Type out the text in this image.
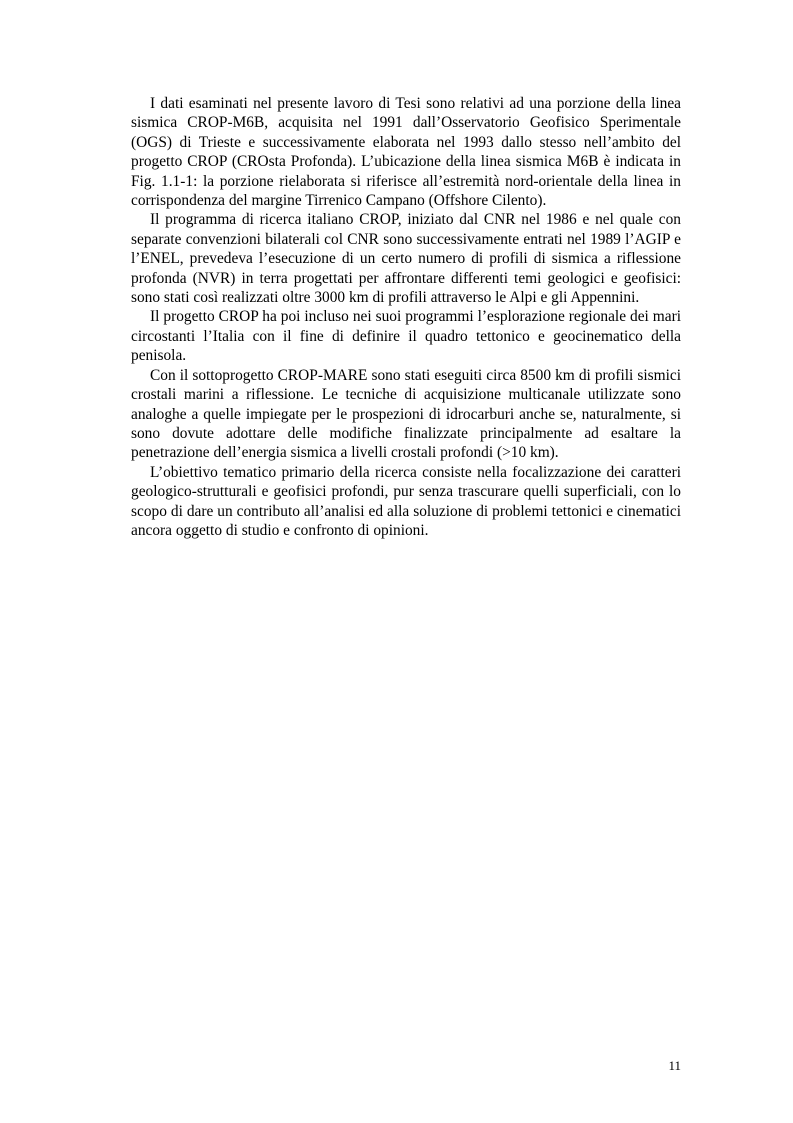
I dati esaminati nel presente lavoro di Tesi sono relativi ad una porzione della linea sismica CROP-M6B, acquisita nel 1991 dall’Osservatorio Geofisico Sperimentale (OGS) di Trieste e successivamente elaborata nel 1993 dallo stesso nell’ambito del progetto CROP (CROsta Profonda). L’ubicazione della linea sismica M6B è indicata in Fig. 1.1-1: la porzione rielaborata si riferisce all’estremità nord-orientale della linea in corrispondenza del margine Tirrenico Campano (Offshore Cilento).

Il programma di ricerca italiano CROP, iniziato dal CNR nel 1986 e nel quale con separate convenzioni bilaterali col CNR sono successivamente entrati nel 1989 l’AGIP e l’ENEL, prevedeva l’esecuzione di un certo numero di profili di sismica a riflessione profonda (NVR) in terra progettati per affrontare differenti temi geologici e geofisici: sono stati così realizzati oltre 3000 km di profili attraverso le Alpi e gli Appennini.

Il progetto CROP ha poi incluso nei suoi programmi l’esplorazione regionale dei mari circostanti l’Italia con il fine di definire il quadro tettonico e geocinematico della penisola.

Con il sottoprogetto CROP-MARE sono stati eseguiti circa 8500 km di profili sismici crostali marini a riflessione. Le tecniche di acquisizione multicanale utilizzate sono analoghe a quelle impiegate per le prospezioni di idrocarburi anche se, naturalmente, si sono dovute adottare delle modifiche finalizzate principalmente ad esaltare la penetrazione dell’energia sismica a livelli crostali profondi (>10 km).

L’obiettivo tematico primario della ricerca consiste nella focalizzazione dei caratteri geologico-strutturali e geofisici profondi, pur senza trascurare quelli superficiali, con lo scopo di dare un contributo all’analisi ed alla soluzione di problemi tettonici e cinematici ancora oggetto di studio e confronto di opinioni.

11
